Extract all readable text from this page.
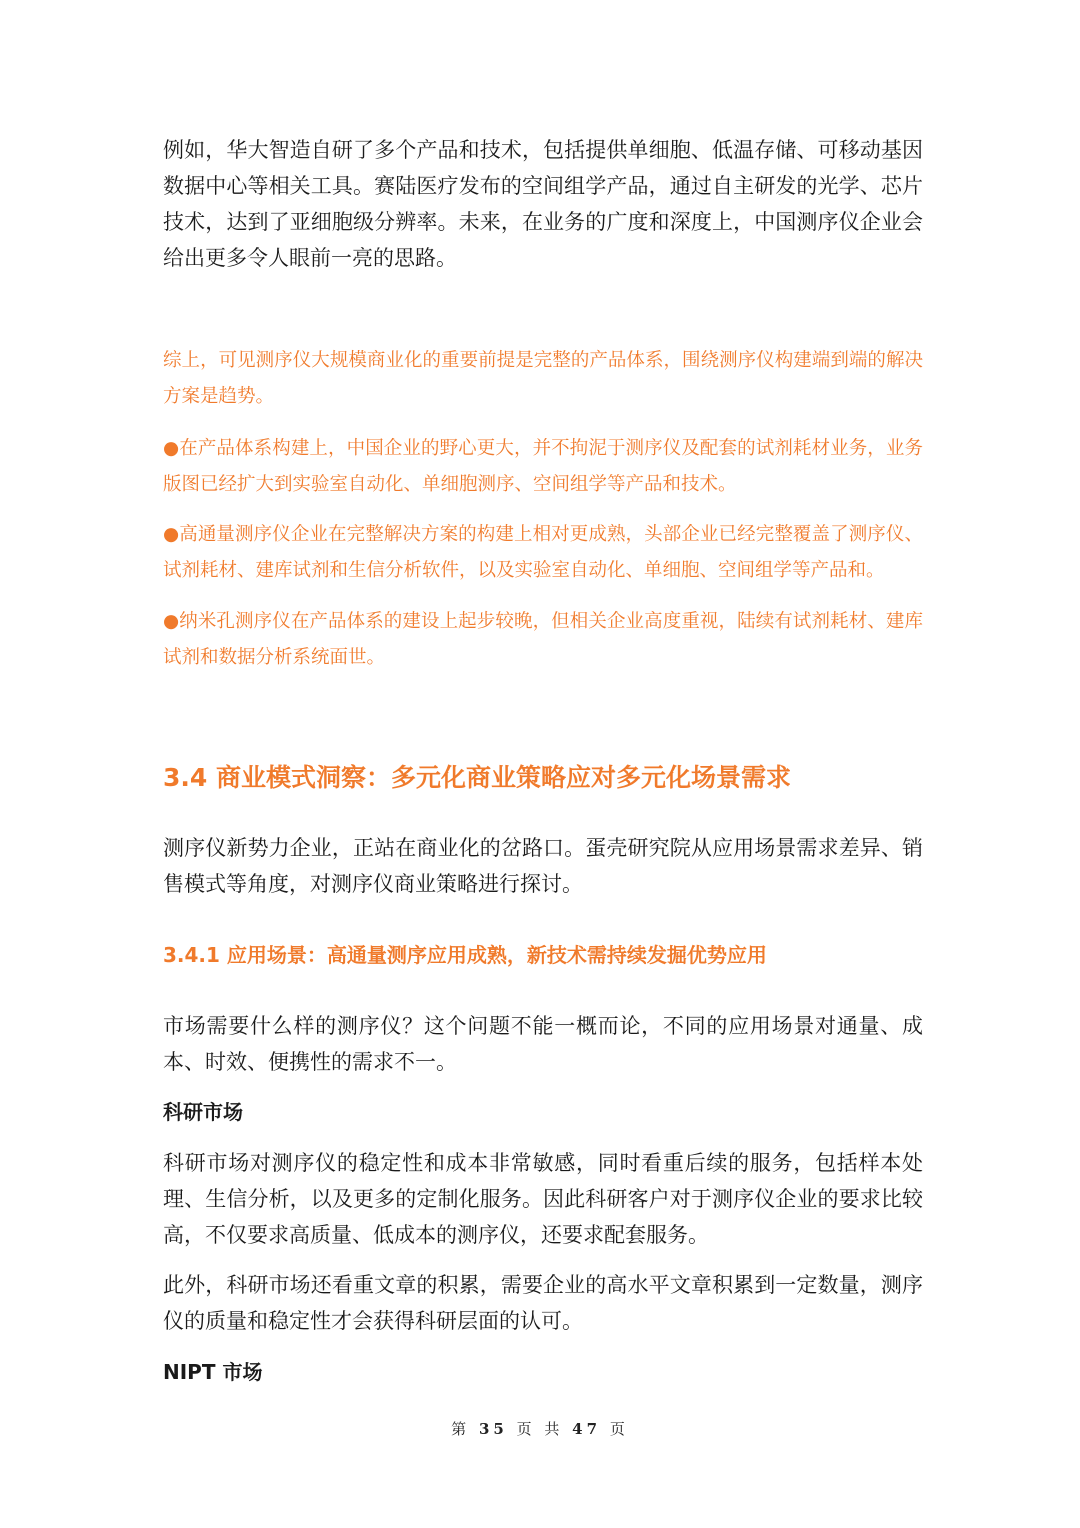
例如，华大智造自研了多个产品和技术，包括提供单细胞、低温存储、可移动基因数据中心等相关工具。赛陆医疗发布的空间组学产品，通过自主研发的光学、芯片技术，达到了亚细胞级分辨率。未来，在业务的广度和深度上，中国测序仪企业会给出更多令人眼前一亮的思路。

综上，可见测序仪大规模商业化的重要前提是完整的产品体系，围绕测序仪构建端到端的解决方案是趋势。

●在产品体系构建上，中国企业的野心更大，并不拘泥于测序仪及配套的试剂耗材业务，业务版图已经扩大到实验室自动化、单细胞测序、空间组学等产品和技术。

●高通量测序仪企业在完整解决方案的构建上相对更成熟，头部企业已经完整覆盖了测序仪、试剂耗材、建库试剂和生信分析软件，以及实验室自动化、单细胞、空间组学等产品和。

●纳米孔测序仪在产品体系的建设上起步较晚，但相关企业高度重视，陆续有试剂耗材、建库试剂和数据分析系统面世。

3.4 商业模式洞察：多元化商业策略应对多元化场景需求

测序仪新势力企业，正站在商业化的岔路口。蛋壳研究院从应用场景需求差异、销售模式等角度，对测序仪商业策略进行探讨。

3.4.1 应用场景：高通量测序应用成熟，新技术需持续发掘优势应用

市场需要什么样的测序仪？这个问题不能一概而论，不同的应用场景对通量、成本、时效、便携性的需求不一。

科研市场

科研市场对测序仪的稳定性和成本非常敏感，同时看重后续的服务，包括样本处理、生信分析，以及更多的定制化服务。因此科研客户对于测序仪企业的要求比较高，不仅要求高质量、低成本的测序仪，还要求配套服务。

此外，科研市场还看重文章的积累，需要企业的高水平文章积累到一定数量，测序仪的质量和稳定性才会获得科研层面的认可。

NIPT 市场

第 35 页 共 47 页
